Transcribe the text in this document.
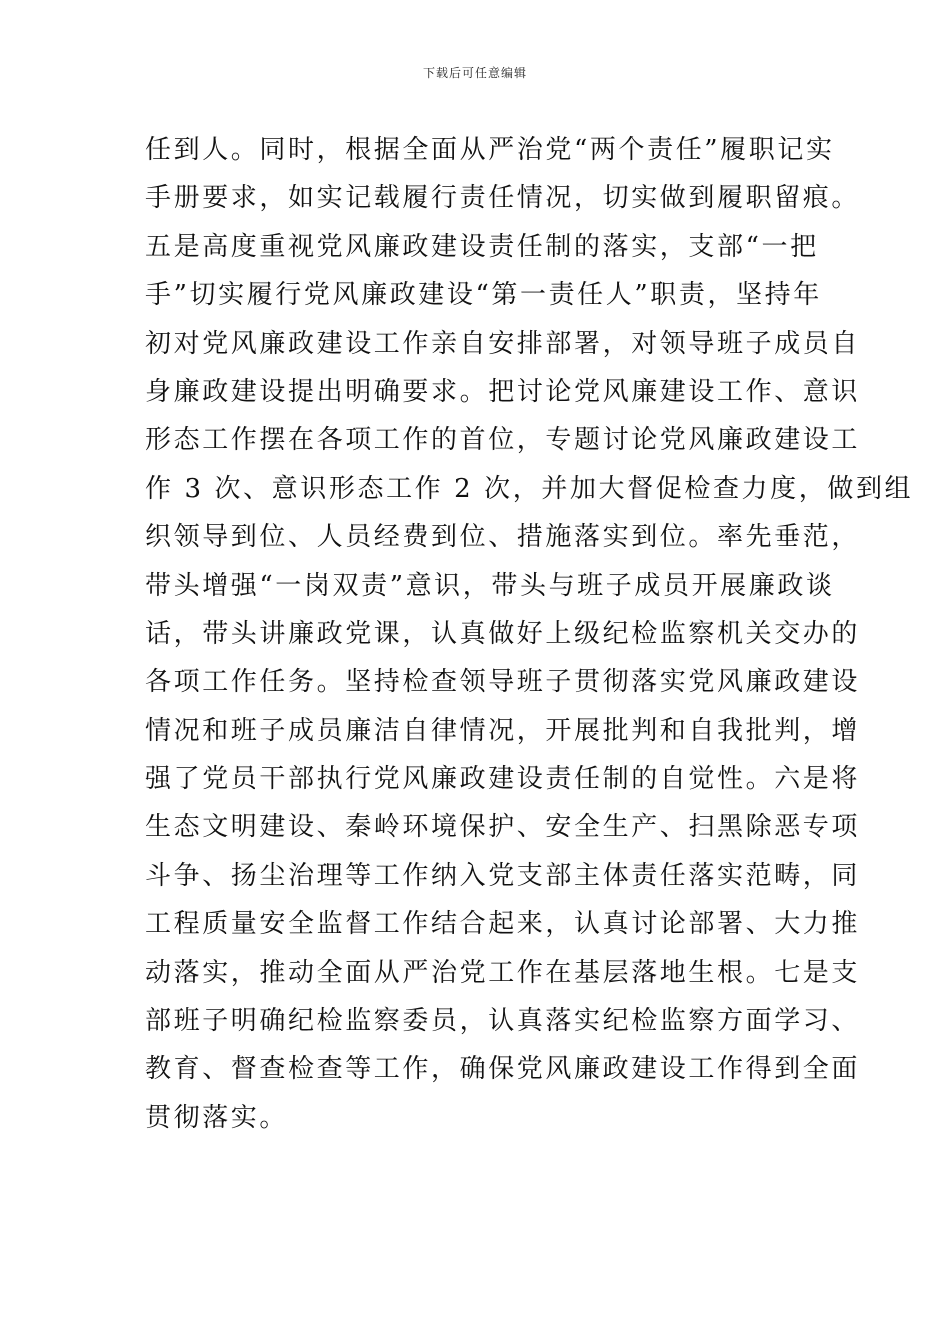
下载后可任意编辑
任到人。同时，根据全面从严治党“两个责任”履职记实
手册要求，如实记载履行责任情况，切实做到履职留痕。
五是高度重视党风廉政建设责任制的落实，支部“一把
手”切实履行党风廉政建设“第一责任人”职责，坚持年
初对党风廉政建设工作亲自安排部署，对领导班子成员自
身廉政建设提出明确要求。把讨论党风廉建设工作、意识
形态工作摆在各项工作的首位，专题讨论党风廉政建设工
作 3 次、意识形态工作 2 次，并加大督促检查力度，做到组
织领导到位、人员经费到位、措施落实到位。率先垂范，
带头增强“一岗双责”意识，带头与班子成员开展廉政谈
话，带头讲廉政党课，认真做好上级纪检监察机关交办的
各项工作任务。坚持检查领导班子贯彻落实党风廉政建设
情况和班子成员廉洁自律情况，开展批判和自我批判，增
强了党员干部执行党风廉政建设责任制的自觉性。六是将
生态文明建设、秦岭环境保护、安全生产、扫黑除恶专项
斗争、扬尘治理等工作纳入党支部主体责任落实范畴，同
工程质量安全监督工作结合起来，认真讨论部署、大力推
动落实，推动全面从严治党工作在基层落地生根。七是支
部班子明确纪检监察委员，认真落实纪检监察方面学习、
教育、督查检查等工作，确保党风廉政建设工作得到全面
贯彻落实。
